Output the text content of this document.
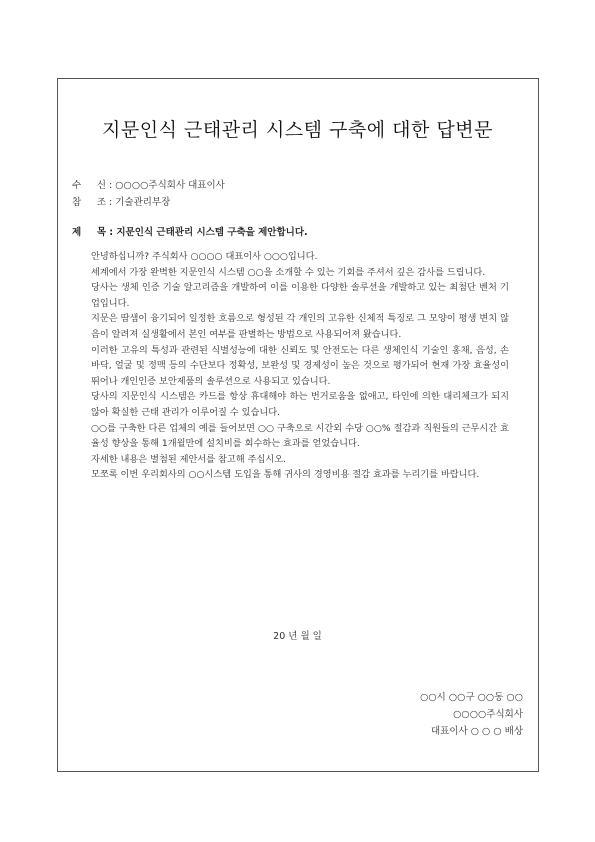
지문인식 근태관리 시스템 구축에 대한 답변문
수 신 : ○○○○주식회사 대표이사
참 조 : 기술관리부장
제 목 : 지문인식 근태관리 시스템 구축을 제안합니다.

안녕하십니까? 주식회사 ○○○○ 대표이사 ○○○입니다.

세계에서 가장 완벽한 지문인식 시스템 ○○을 소개할 수 있는 기회를 주셔서 깊은 감사를 드립니다.

당사는 생체 인증 기술 알고리즘을 개발하여 이를 이용한 다양한 솔루션을 개발하고 있는 최첨단 벤처 기업입니다.

지문은 땀샘이 융기되어 일정한 흐름으로 형성된 각 개인의 고유한 신체적 특징로 그 모양이 평생 변치 않음이 알려져 실생활에서 본인 여부를 판별하는 방법으로 사용되어져 왔습니다.

이러한 고유의 특성과 관련된 식별성능에 대한 신뢰도 및 안전도는 다른 생체인식 기술인 홍채, 음성, 손바닥, 얼굴 및 정맥 등의 수단보다 정확성, 보완성 및 경제성이 높은 것으로 평가되어 현재 가장 효율성이 뛰어나 개인인증 보안제품의 솔루션으로 사용되고 있습니다.

당사의 지문인식 시스템은 카드를 항상 휴대해야 하는 번거로움을 없애고, 타인에 의한 대리체크가 되지 않아 확실한 근태 관리가 이루어질 수 있습니다.

○○를 구축한 다른 업체의 예를 들어보면 ○○ 구축으로 시간외 수당 ○○% 절감과 직원들의 근무시간 효율성 향상을 통해 1개월만에 설치비를 회수하는 효과를 얻었습니다.

자세한 내용은 별첨된 제안서를 참고해 주십시오.

모쪼록 이번 우리회사의 ○○시스템 도입을 통해 귀사의 경영비용 절감 효과를 누리기를 바랍니다.

20 년 월 일
○○시 ○○구 ○○동 ○○
○○○○주식회사
대표이사 ○ ○ ○ 배상
